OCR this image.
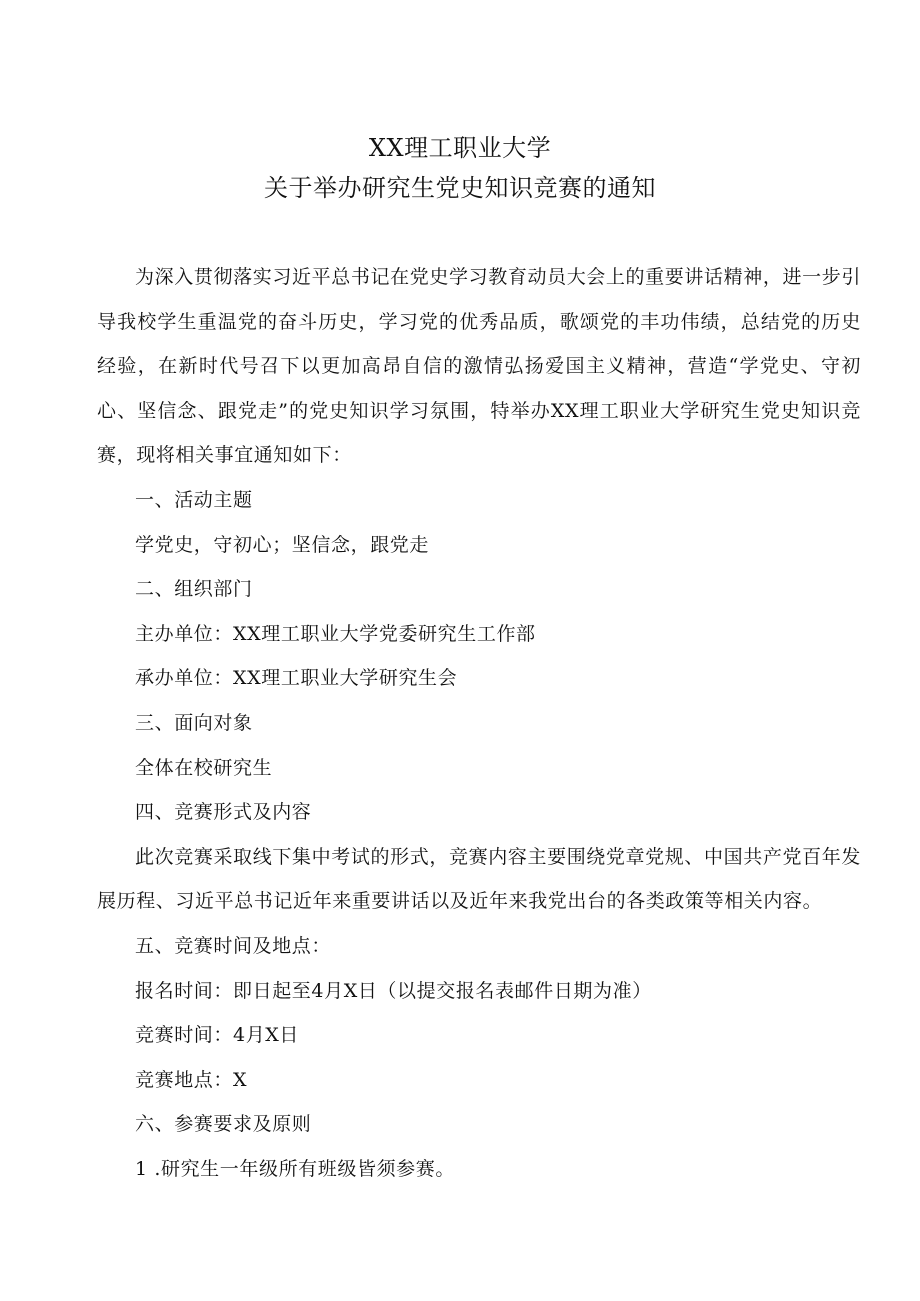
XX理工职业大学
关于举办研究生党史知识竞赛的通知

为深入贯彻落实习近平总书记在党史学习教育动员大会上的重要讲话精神，进一步引导我校学生重温党的奋斗历史，学习党的优秀品质，歌颂党的丰功伟绩，总结党的历史经验，在新时代号召下以更加高昂自信的激情弘扬爱国主义精神，营造“学党史、守初心、坚信念、跟党走”的党史知识学习氛围，特举办XX理工职业大学研究生党史知识竞赛，现将相关事宜通知如下：

一、活动主题
学党史，守初心；坚信念，跟党走
二、组织部门
主办单位：XX理工职业大学党委研究生工作部
承办单位：XX理工职业大学研究生会
三、面向对象
全体在校研究生
四、竞赛形式及内容

此次竞赛采取线下集中考试的形式，竞赛内容主要围绕党章党规、中国共产党百年发展历程、习近平总书记近年来重要讲话以及近年来我党出台的各类政策等相关内容。

五、竞赛时间及地点：
报名时间：即日起至4月X日（以提交报名表邮件日期为准）
竞赛时间：4月X日
竞赛地点：X
六、参赛要求及原则
1 .研究生一年级所有班级皆须参赛。
